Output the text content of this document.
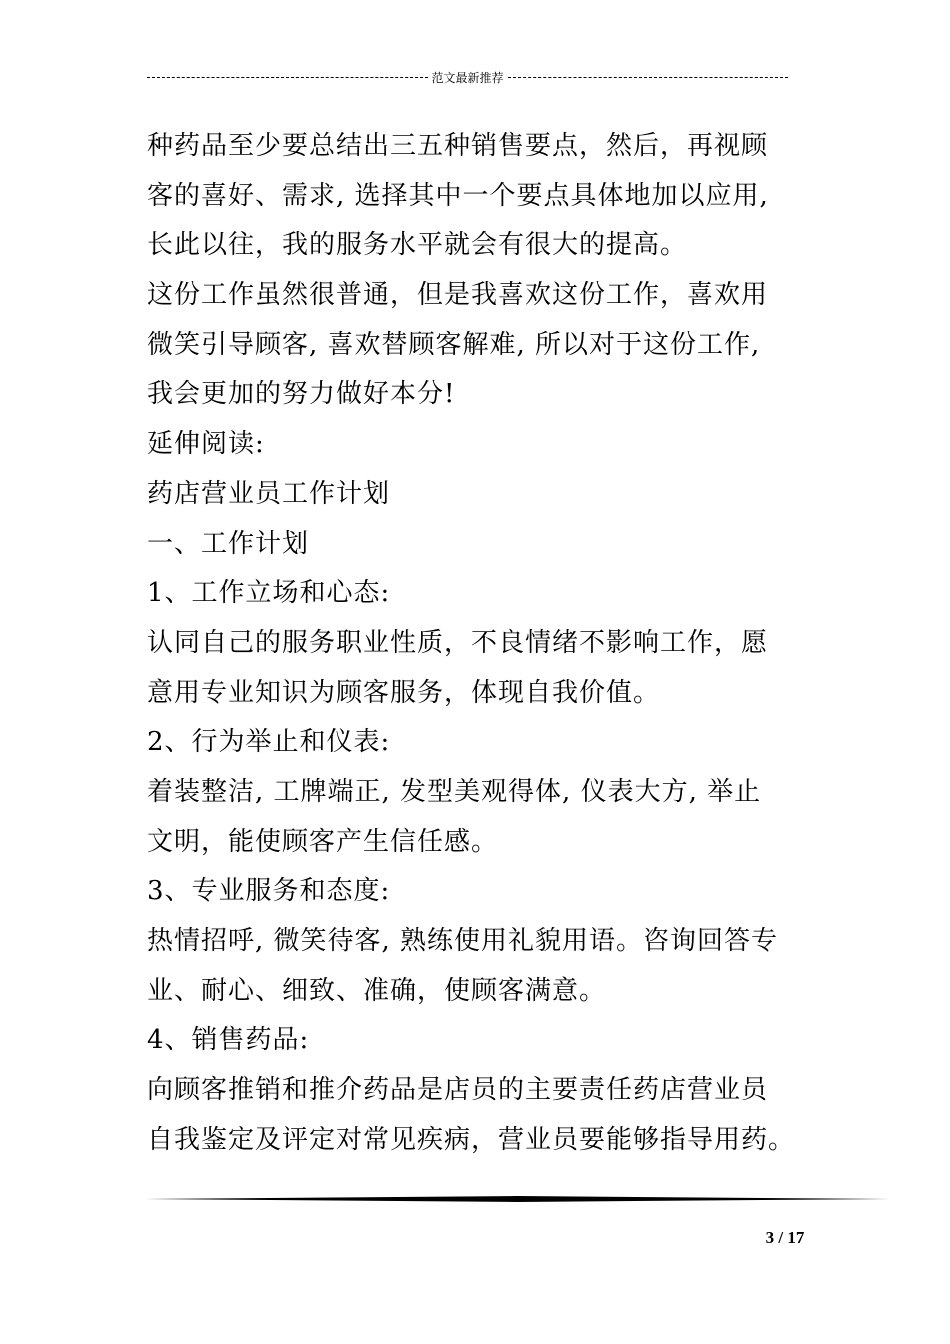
范文最新推荐
种药品至少要总结出三五种销售要点，然后，再视顾
客的喜好、需求, 选择其中一个要点具体地加以应用,
长此以往，我的服务水平就会有很大的提高。
这份工作虽然很普通，但是我喜欢这份工作，喜欢用
微笑引导顾客, 喜欢替顾客解难, 所以对于这份工作,
我会更加的努力做好本分!
延伸阅读:
药店营业员工作计划
一、工作计划
1、工作立场和心态:
认同自己的服务职业性质，不良情绪不影响工作，愿
意用专业知识为顾客服务，体现自我价值。
2、行为举止和仪表:
着装整洁, 工牌端正, 发型美观得体, 仪表大方, 举止
文明，能使顾客产生信任感。
3、专业服务和态度:
热情招呼, 微笑待客, 熟练使用礼貌用语。咨询回答专
业、耐心、细致、准确，使顾客满意。
4、销售药品:
向顾客推销和推介药品是店员的主要责任药店营业员
自我鉴定及评定对常见疾病，营业员要能够指导用药。
3 / 17
